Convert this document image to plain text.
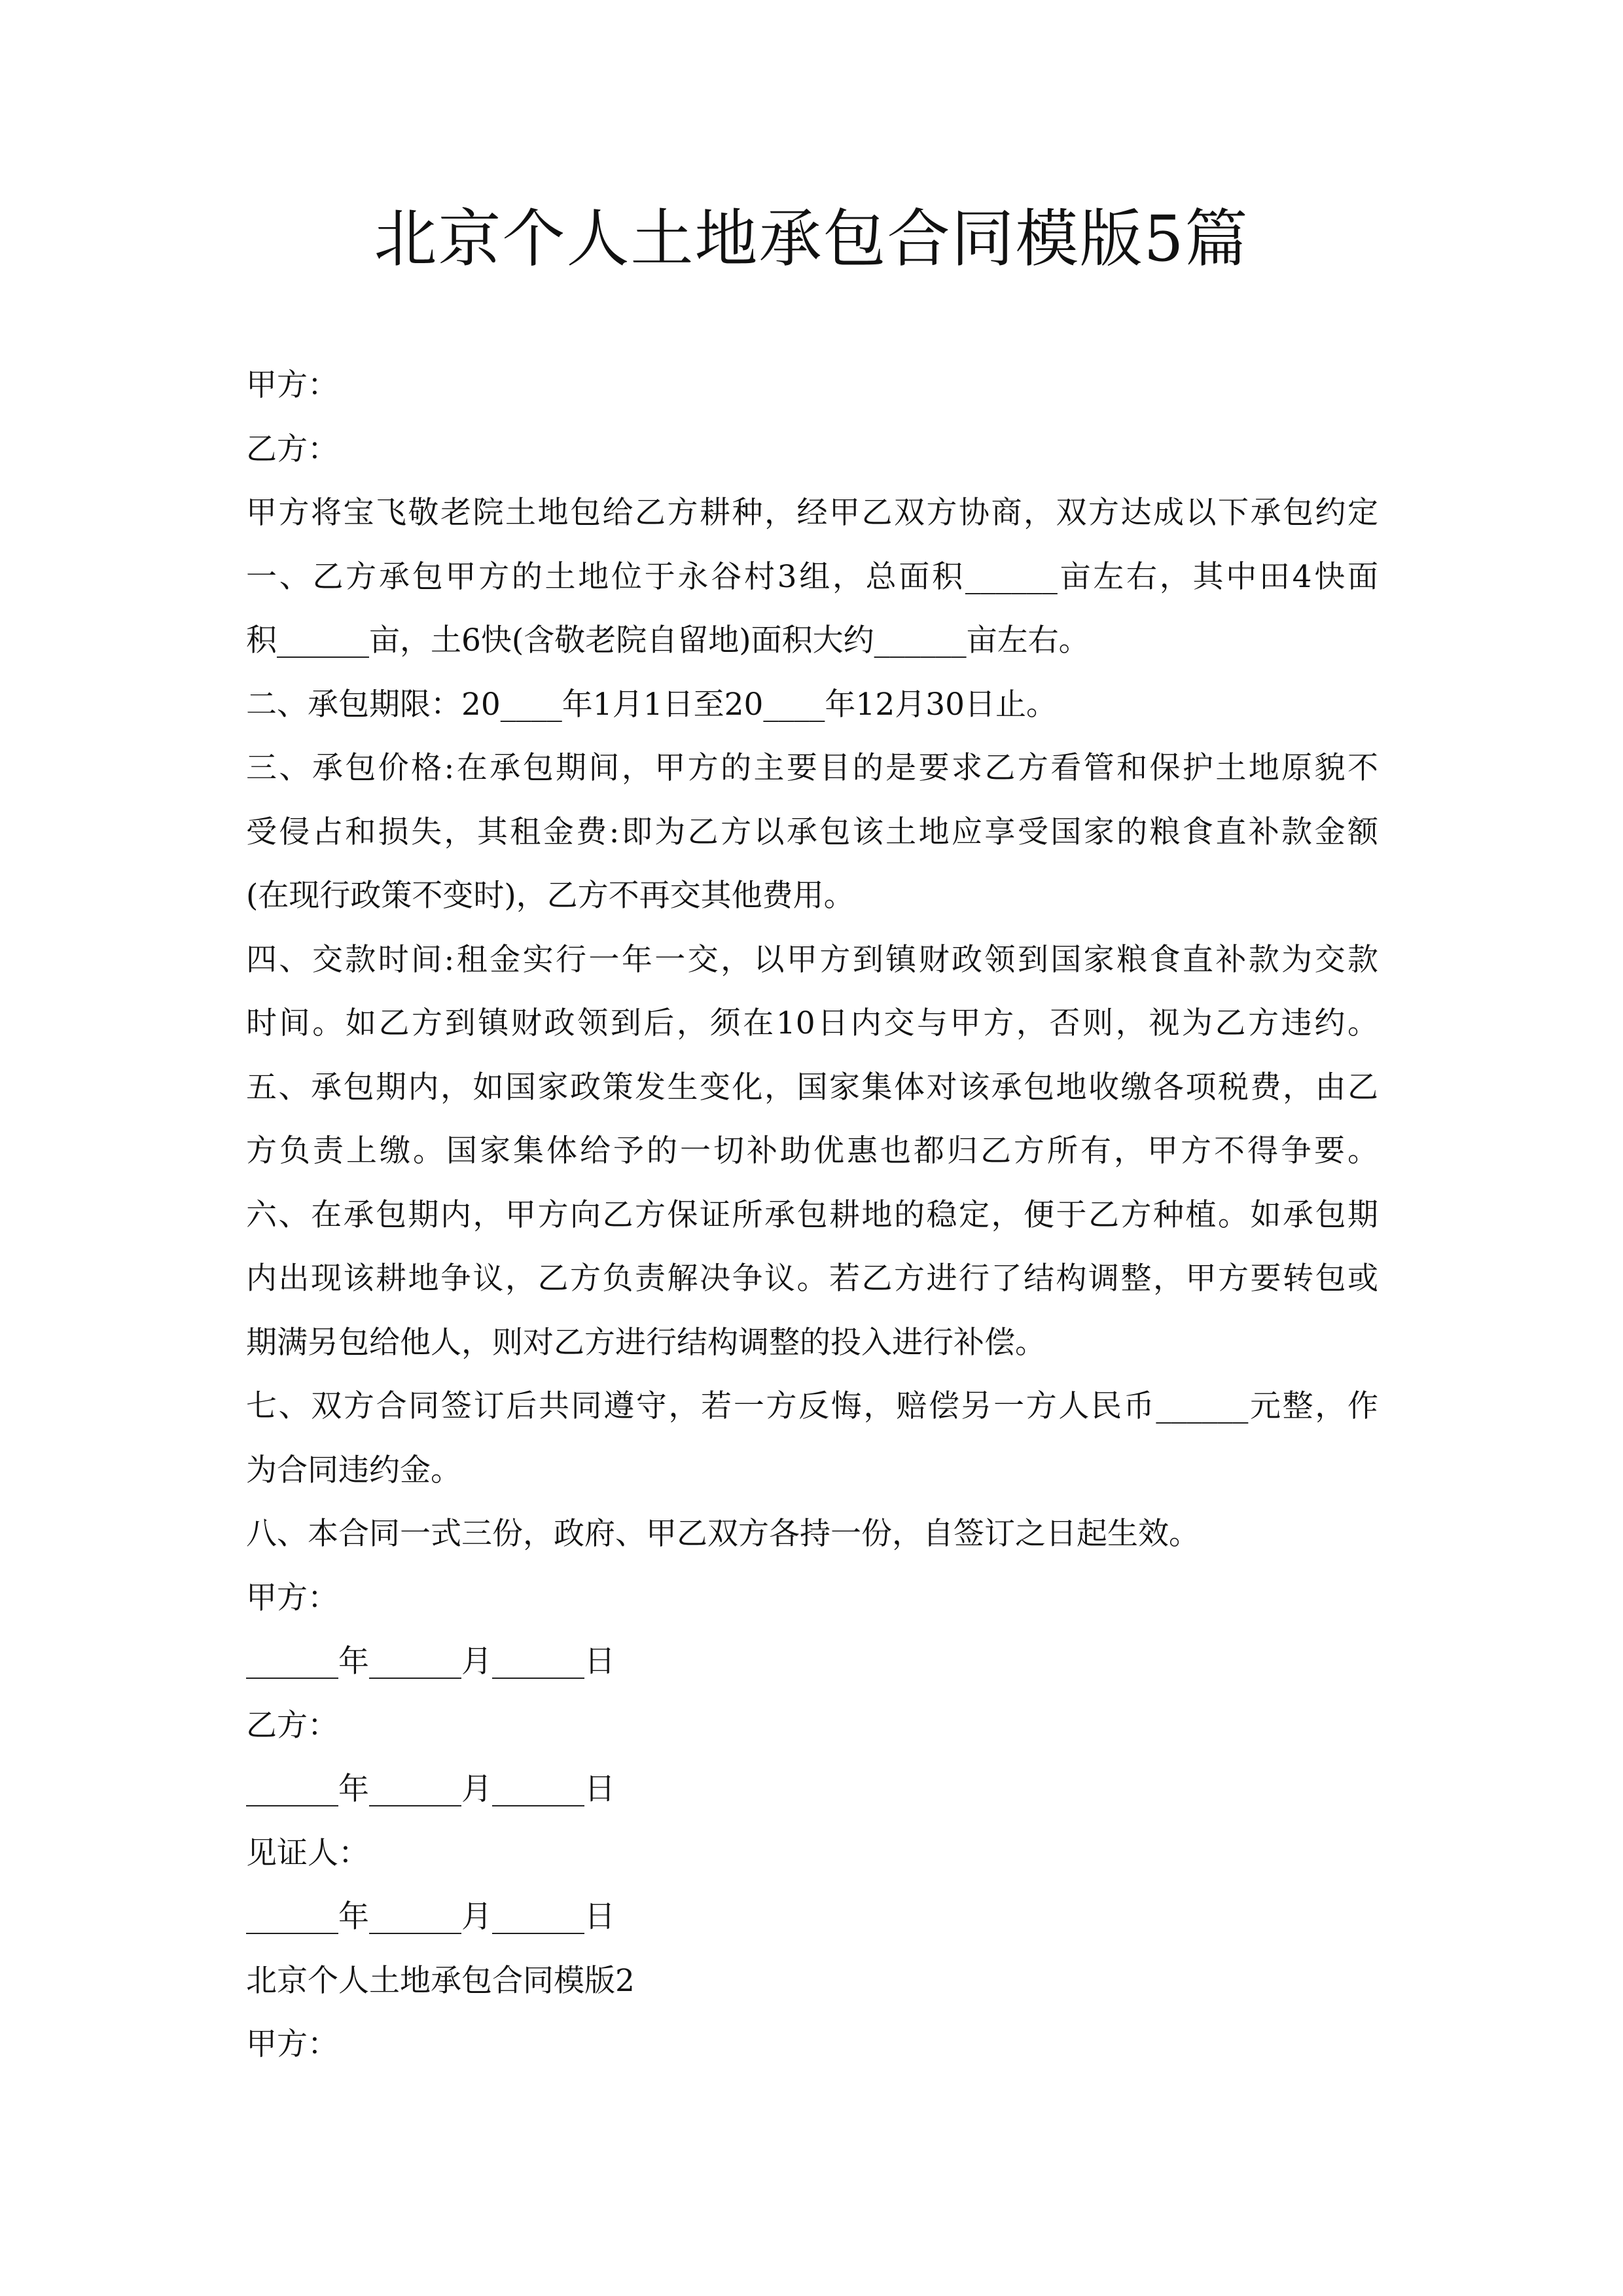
北京个人土地承包合同模版5篇
甲方：
乙方：
甲方将宝飞敬老院土地包给乙方耕种，经甲乙双方协商，双方达成以下承包约定
一、乙方承包甲方的土地位于永谷村3组，总面积______亩左右，其中田4快面
积______亩，土6快(含敬老院自留地)面积大约______亩左右。
二、承包期限：20____年1月1日至20____年12月30日止。
三、承包价格:在承包期间，甲方的主要目的是要求乙方看管和保护土地原貌不
受侵占和损失，其租金费:即为乙方以承包该土地应享受国家的粮食直补款金额
(在现行政策不变时)，乙方不再交其他费用。
四、交款时间:租金实行一年一交，以甲方到镇财政领到国家粮食直补款为交款
时间。如乙方到镇财政领到后，须在10日内交与甲方，否则，视为乙方违约。
五、承包期内，如国家政策发生变化，国家集体对该承包地收缴各项税费，由乙
方负责上缴。国家集体给予的一切补助优惠也都归乙方所有，甲方不得争要。
六、在承包期内，甲方向乙方保证所承包耕地的稳定，便于乙方种植。如承包期
内出现该耕地争议，乙方负责解决争议。若乙方进行了结构调整，甲方要转包或
期满另包给他人，则对乙方进行结构调整的投入进行补偿。
七、双方合同签订后共同遵守，若一方反悔，赔偿另一方人民币______元整，作
为合同违约金。
八、本合同一式三份，政府、甲乙双方各持一份，自签订之日起生效。
甲方：
______年______月______日
乙方：
______年______月______日
见证人：
______年______月______日
北京个人土地承包合同模版2
甲方：
